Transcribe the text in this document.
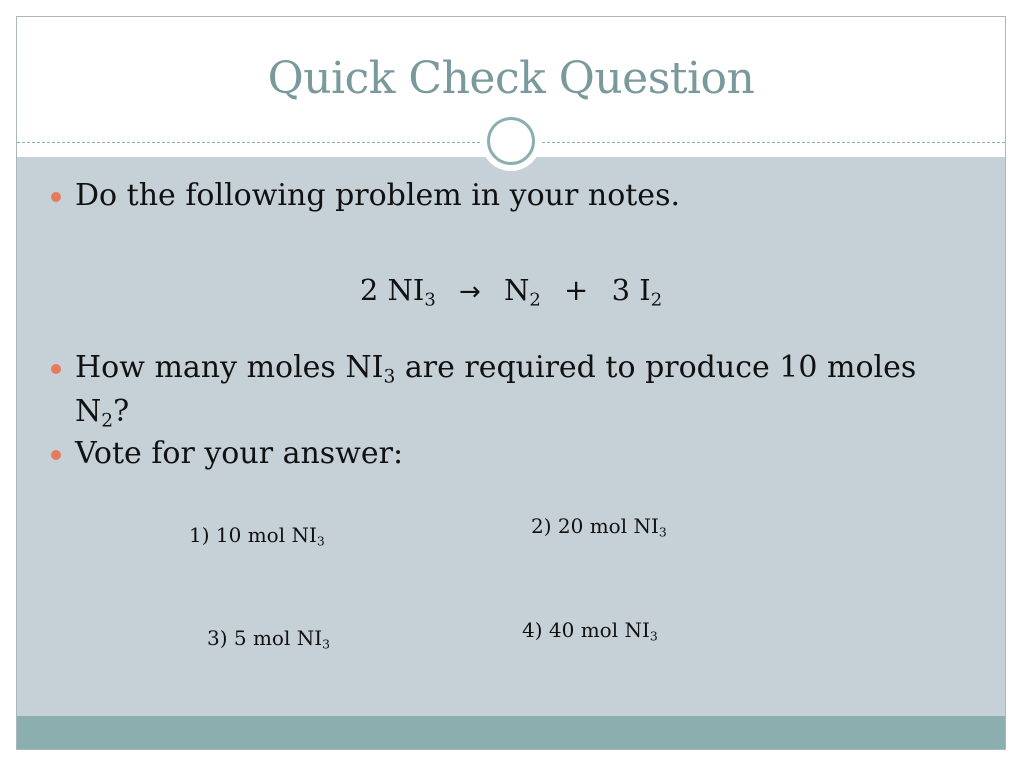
Quick Check Question
Do the following problem in your notes.
2 $NI_3 \to N_2 + 3$ $I_2$
How many moles $NI_3$ are required to produce 10 moles $N_2$?
Vote for your answer:
1) 10 mol $NI_3$
2) 20 mol $NI_3$
3) 5 mol $NI_3$
4) 40 mol $NI_3$
